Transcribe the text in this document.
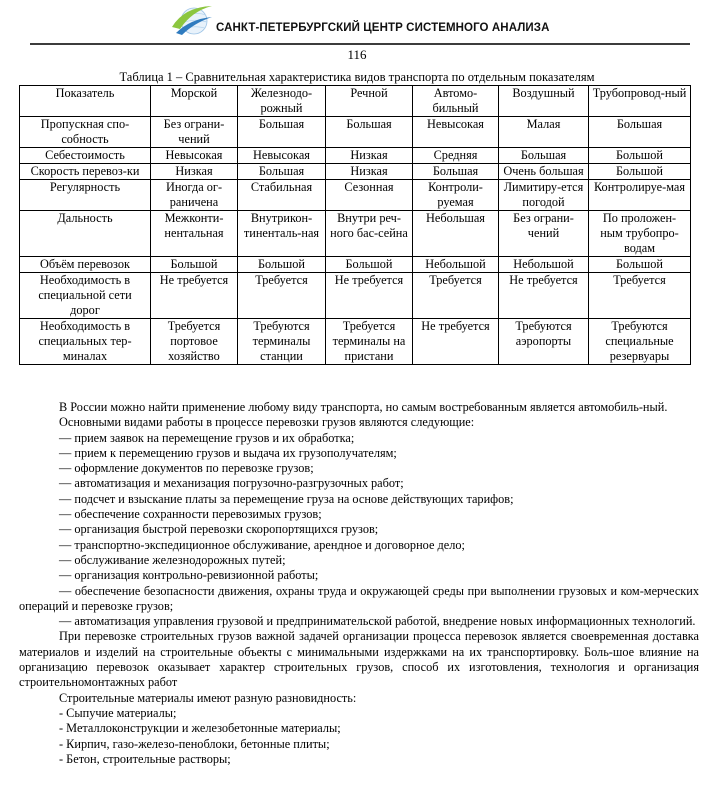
САНКТ-ПЕТЕРБУРГСКИЙ ЦЕНТР СИСТЕМНОГО АНАЛИЗА
116
Таблица 1 – Сравнительная характеристика видов транспорта по отдельным показателям
Показатель	Морской	Железнодо-рожный	Речной	Автомо-бильный	Воздушный	Трубопровод-ный
Пропускная спо-собность	Без ограни-чений	Большая	Большая	Невысокая	Малая	Большая
Себестоимость	Невысокая	Невысокая	Низкая	Средняя	Большая	Большой
Скорость перевоз-ки	Низкая	Большая	Низкая	Большая	Очень большая	Большой
Регулярность	Иногда ог-раничена	Стабильная	Сезонная	Контроли-руемая	Лимитиру-ется погодой	Контролируе-мая
Дальность	Межконти-нентальная	Внутрикон-тиненталь-ная	Внутри реч-ного бас-сейна	Небольшая	Без ограни-чений	По проложен-ным трубопро-водам
Объём перевозок	Большой	Большой	Большой	Небольшой	Небольшой	Большой
Необходимость в специальной сети дорог	Не требуется	Требуется	Не требуется	Требуется	Не требуется	Требуется
Необходимость в специальных тер-миналах	Требуется портовое хозяйство	Требуются терминалы станции	Требуется терминалы на пристани	Не требуется	Требуются аэропорты	Требуются специальные резервуары

В России можно найти применение любому виду транспорта, но самым востребованным является автомобиль-ный.

Основными видами работы в процессе перевозки грузов являются следующие:

— прием заявок на перемещение грузов и их обработка;

— прием к перемещению грузов и выдача их грузополучателям;

— оформление документов по перевозке грузов;

— автоматизация и механизация погрузочно-разгрузочных работ;

— подсчет и взыскание платы за перемещение груза на основе действующих тарифов;

— обеспечение сохранности перевозимых грузов;

— организация быстрой перевозки скоропортящихся грузов;

— транспортно-экспедиционное обслуживание, арендное и договорное дело;

— обслуживание железнодорожных путей;

— организация контрольно-ревизионной работы;

— обеспечение безопасности движения, охраны труда и окружающей среды при выполнении грузовых и ком-мерческих операций и перевозке грузов;

— автоматизация управления грузовой и предпринимательской работой, внедрение новых информационных технологий.

При перевозке строительных грузов важной задачей организации процесса перевозок является своевременная доставка материалов и изделий на строительные объекты с минимальными издержками на их транспортировку. Боль-шое влияние на организацию перевозок оказывает характер строительных грузов, способ их изготовления, технология и организация строительномонтажных работ

Строительные материалы имеют разную разновидность:

- Сыпучие материалы;

- Металлоконструкции и железобетонные материалы;

- Кирпич, газо-железо-пеноблоки, бетонные плиты;

- Бетон, строительные растворы;
